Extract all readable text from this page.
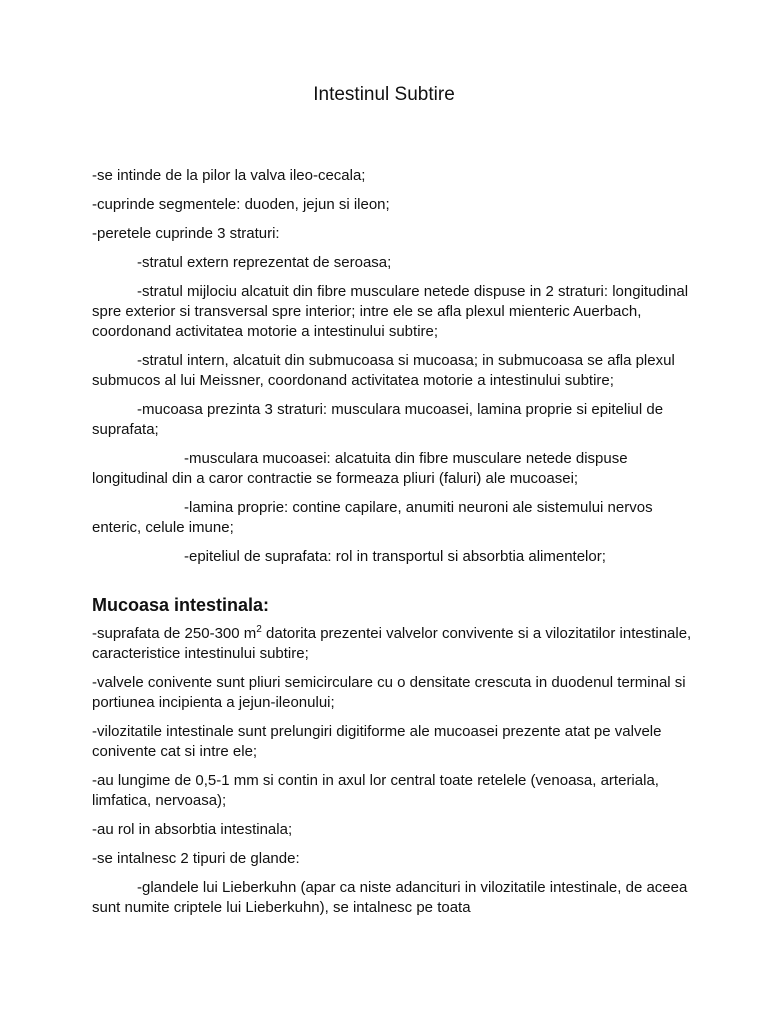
Intestinul Subtire

-se intinde de la pilor la valva ileo-cecala;

-cuprinde segmentele: duoden, jejun si ileon;

-peretele cuprinde 3 straturi:

-stratul extern reprezentat de seroasa;

-stratul mijlociu alcatuit din fibre musculare netede dispuse in 2 straturi: longitudinal spre exterior si transversal spre interior; intre ele se afla plexul mienteric Auerbach, coordonand activitatea motorie a intestinului subtire;

-stratul intern, alcatuit din submucoasa si mucoasa; in submucoasa se afla plexul submucos al lui Meissner, coordonand activitatea motorie a intestinului subtire;

-mucoasa prezinta 3 straturi: musculara mucoasei, lamina proprie si epiteliul de suprafata;

-musculara mucoasei: alcatuita din fibre musculare netede dispuse longitudinal din a caror contractie se formeaza pliuri (faluri) ale mucoasei;

-lamina proprie: contine capilare, anumiti neuroni ale sistemului nervos enteric, celule imune;

-epiteliul de suprafata: rol in transportul si absorbtia alimentelor;

Mucoasa intestinala:

-suprafata de 250-300 $m^2$ datorita prezentei valvelor convivente si a vilozitatilor intestinale, caracteristice intestinului subtire;

-valvele conivente sunt pliuri semicirculare cu o densitate crescuta in duodenul terminal si portiunea incipienta a jejun-ileonului;

-vilozitatile intestinale sunt prelungiri digitiforme ale mucoasei prezente atat pe valvele conivente cat si intre ele;

-au lungime de 0,5-1 mm si contin in axul lor central toate retelele (venoasa, arteriala, limfatica, nervoasa);

-au rol in absorbtia intestinala;

-se intalnesc 2 tipuri de glande:

-glandele lui Lieberkuhn (apar ca niste adancituri in vilozitatile intestinale, de aceea sunt numite criptele lui Lieberkuhn), se intalnesc pe toata
